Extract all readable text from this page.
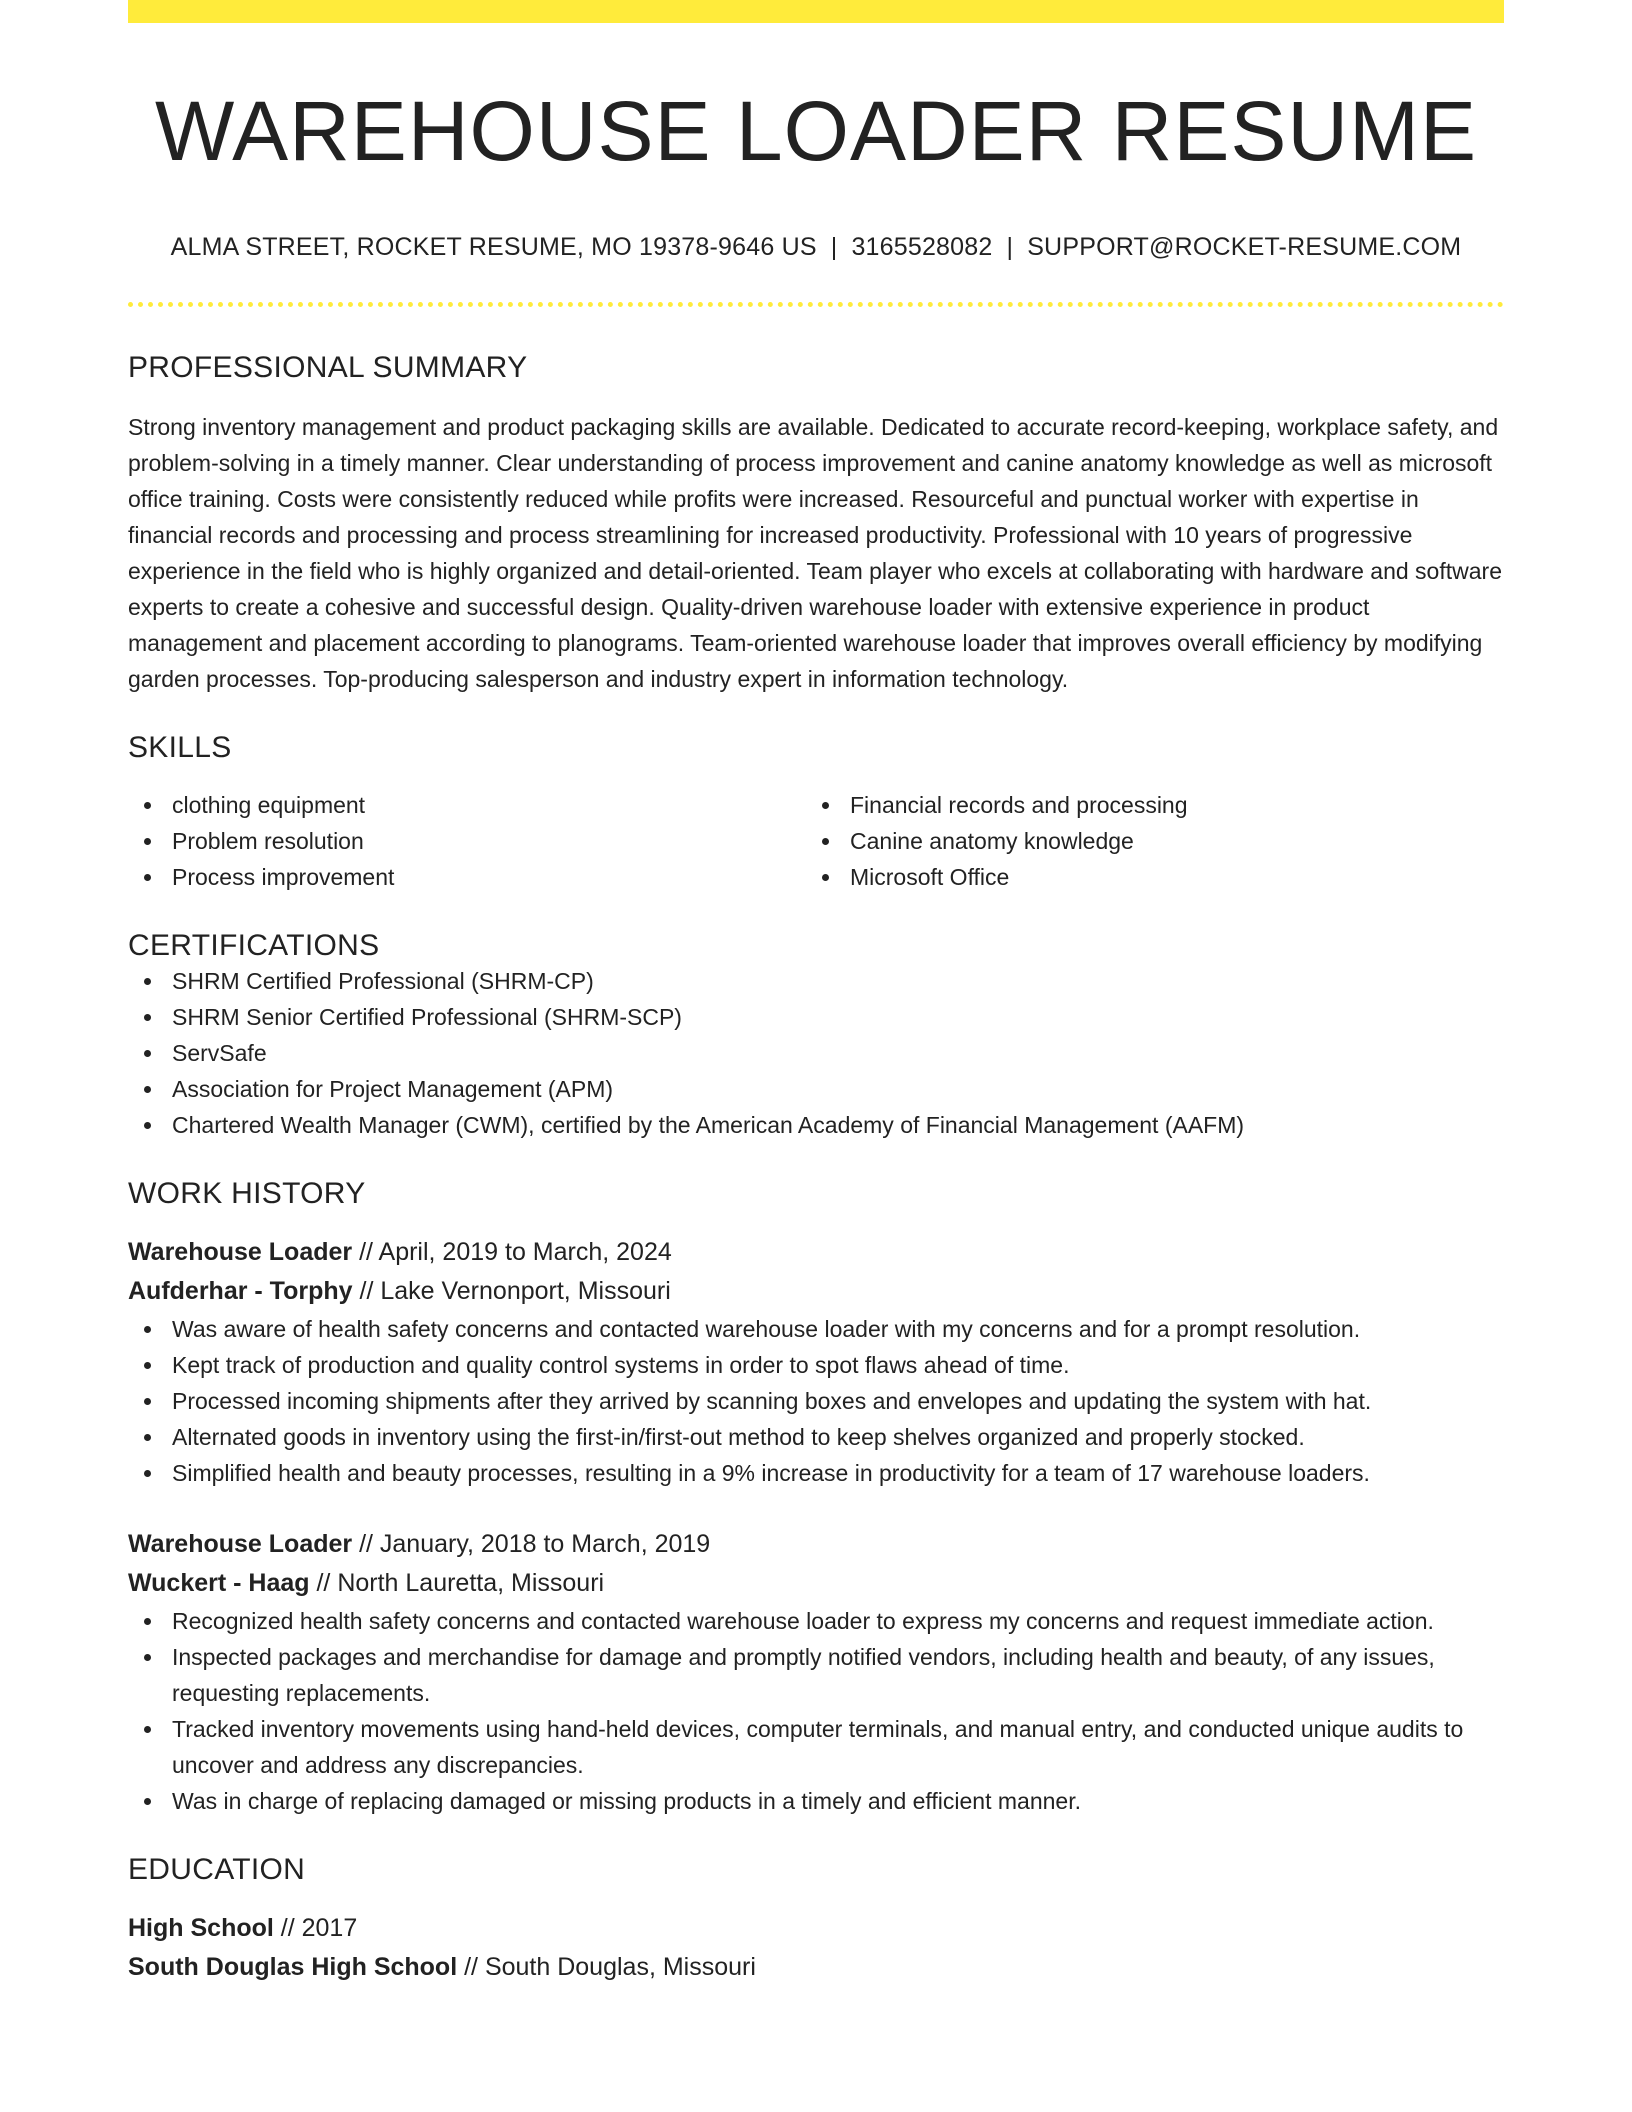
WAREHOUSE LOADER RESUME
ALMA STREET, ROCKET RESUME, MO 19378-9646 US | 3165528082 | SUPPORT@ROCKET-RESUME.COM
PROFESSIONAL SUMMARY

Strong inventory management and product packaging skills are available. Dedicated to accurate record-keeping, workplace safety, and problem-solving in a timely manner. Clear understanding of process improvement and canine anatomy knowledge as well as microsoft office training. Costs were consistently reduced while profits were increased. Resourceful and punctual worker with expertise in financial records and processing and process streamlining for increased productivity. Professional with 10 years of progressive experience in the field who is highly organized and detail-oriented. Team player who excels at collaborating with hardware and software experts to create a cohesive and successful design. Quality-driven warehouse loader with extensive experience in product management and placement according to planograms. Team-oriented warehouse loader that improves overall efficiency by modifying garden processes. Top-producing salesperson and industry expert in information technology.

SKILLS
clothing equipment
Problem resolution
Process improvement
Financial records and processing
Canine anatomy knowledge
Microsoft Office
CERTIFICATIONS
SHRM Certified Professional (SHRM-CP)
SHRM Senior Certified Professional (SHRM-SCP)
ServSafe
Association for Project Management (APM)
Chartered Wealth Manager (CWM), certified by the American Academy of Financial Management (AAFM)
WORK HISTORY
Warehouse Loader // April, 2019 to March, 2024
Aufderhar - Torphy // Lake Vernonport, Missouri
Was aware of health safety concerns and contacted warehouse loader with my concerns and for a prompt resolution.
Kept track of production and quality control systems in order to spot flaws ahead of time.
Processed incoming shipments after they arrived by scanning boxes and envelopes and updating the system with hat.
Alternated goods in inventory using the first-in/first-out method to keep shelves organized and properly stocked.
Simplified health and beauty processes, resulting in a 9% increase in productivity for a team of 17 warehouse loaders.
Warehouse Loader // January, 2018 to March, 2019
Wuckert - Haag // North Lauretta, Missouri
Recognized health safety concerns and contacted warehouse loader to express my concerns and request immediate action.
Inspected packages and merchandise for damage and promptly notified vendors, including health and beauty, of any issues, requesting replacements.
Tracked inventory movements using hand-held devices, computer terminals, and manual entry, and conducted unique audits to uncover and address any discrepancies.
Was in charge of replacing damaged or missing products in a timely and efficient manner.
EDUCATION
High School // 2017
South Douglas High School // South Douglas, Missouri
